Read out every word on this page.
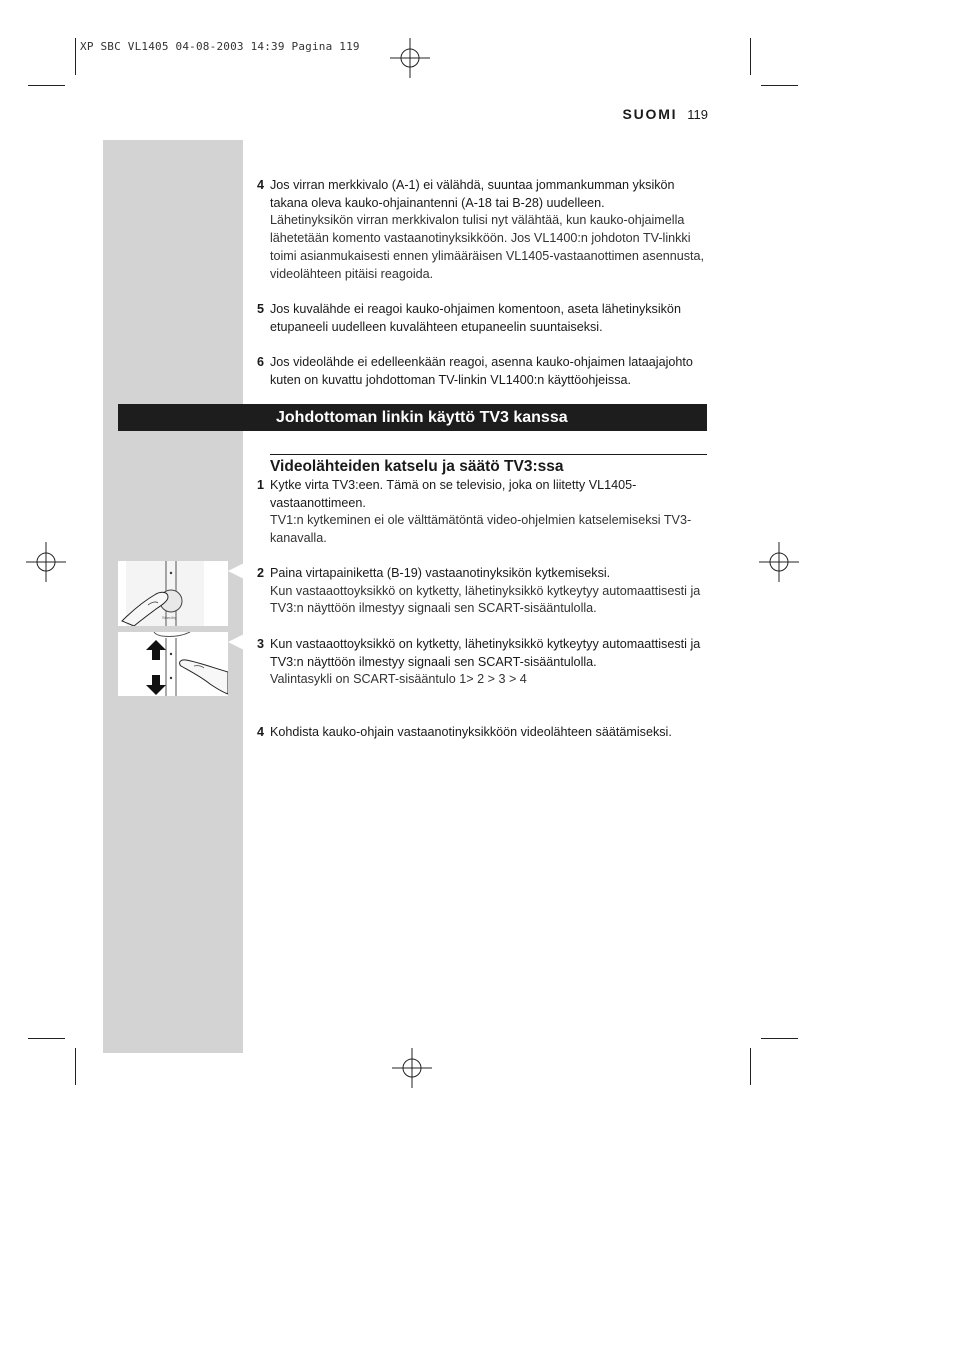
XP SBC VL1405 04-08-2003 14:39 Pagina 119
SUOMI 119
4 Jos virran merkkivalo (A-1) ei välähdä, suuntaa jommankumman yksikön takana oleva kauko-ohjainantenni (A-18 tai B-28) uudelleen.
Lähetinyksikön virran merkkivalon tulisi nyt välähtää, kun kauko-ohjaimella lähetetään komento vastaanotinyksikköön. Jos VL1400:n johdoton TV-linkki toimi asianmukaisesti ennen ylimääräisen VL1405-vastaanottimen asennusta, videolähteen pitäisi reagoida.
5 Jos kuvalähde ei reagoi kauko-ohjaimen komentoon, aseta lähetinyksikön etupaneeli uudelleen kuvalähteen etupaneelin suuntaiseksi.
6 Jos videolähde ei edelleenkään reagoi, asenna kauko-ohjaimen lataajajohto kuten on kuvattu johdottoman TV-linkin VL1400:n käyttöohjeissa.
Johdottoman linkin käyttö TV3 kanssa
Videolähteiden katselu ja säätö TV3:ssa
1 Kytke virta TV3:een. Tämä on se televisio, joka on liitetty VL1405-vastaanottimeen.
TV1:n kytkeminen ei ole välttämätöntä video-ohjelmien katselemiseksi TV3-kanavalla.
2 Paina virtapainiketta (B-19) vastaanotinyksikön kytkemiseksi.
Kun vastaaottoyksikkö on kytketty, lähetinyksikkö kytkeytyy automaattisesti ja TV3:n näyttöön ilmestyy signaali sen SCART-sisääntulolla.
3 Kun vastaaottoyksikkö on kytketty, lähetinyksikkö kytkeytyy automaattisesti ja TV3:n näyttöön ilmestyy signaali sen SCART-sisääntulolla.
Valintasykli on SCART-sisääntulo 1> 2 > 3 > 4
4 Kohdista kauko-ohjain vastaanotinyksikköön videolähteen säätämiseksi.
Standby
